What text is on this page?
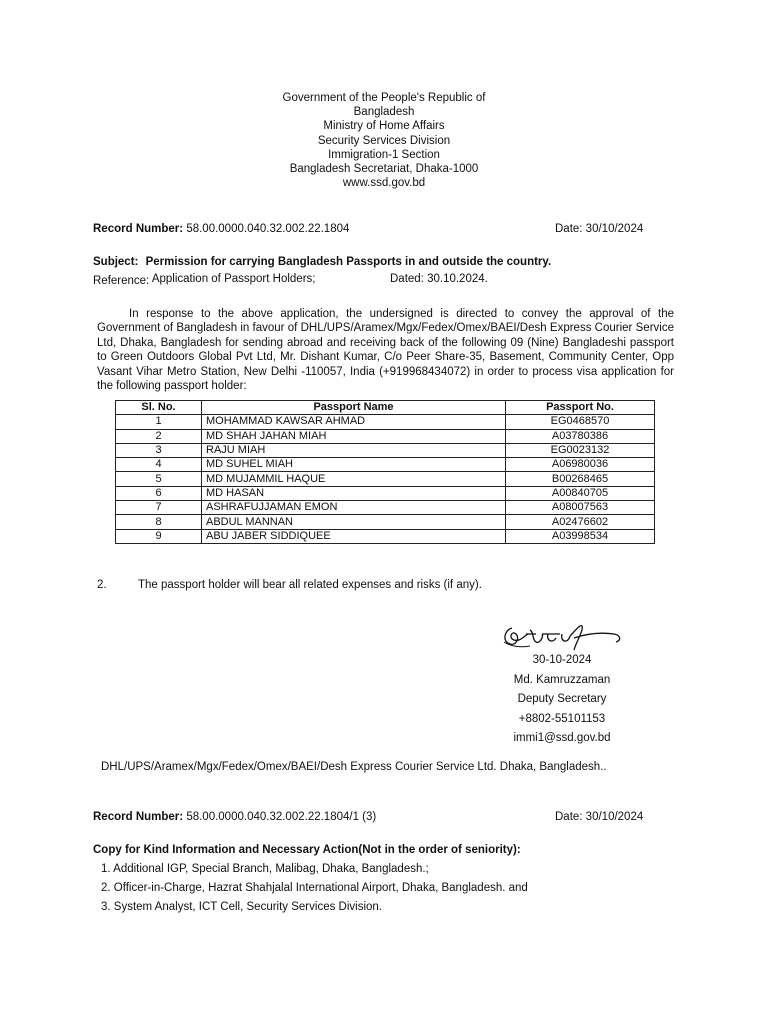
Government of the People's Republic of
Bangladesh
Ministry of Home Affairs
Security Services Division
Immigration-1 Section
Bangladesh Secretariat, Dhaka-1000
www.ssd.gov.bd
Record Number: 58.00.0000.040.32.002.22.1804	Date: 30/10/2024
Subject: Permission for carrying Bangladesh Passports in and outside the country.
Reference: Application of Passport Holders;	Dated: 30.10.2024.
In response to the above application, the undersigned is directed to convey the approval of the Government of Bangladesh in favour of DHL/UPS/Aramex/Mgx/Fedex/Omex/BAEI/Desh Express Courier Service Ltd, Dhaka, Bangladesh for sending abroad and receiving back of the following 09 (Nine) Bangladeshi passport to Green Outdoors Global Pvt Ltd, Mr. Dishant Kumar, C/o Peer Share-35, Basement, Community Center, Opp Vasant Vihar Metro Station, New Delhi -110057, India (+919968434072) in order to process visa application for the following passport holder:
Sl. No.	Passport Name	Passport No.
1	MOHAMMAD KAWSAR AHMAD	EG0468570
2	MD SHAH JAHAN MIAH	A03780386
3	RAJU MIAH	EG0023132
4	MD SUHEL MIAH	A06980036
5	MD MUJAMMIL HAQUE	B00268465
6	MD HASAN	A00840705
7	ASHRAFUJJAMAN EMON	A08007563
8	ABDUL MANNAN	A02476602
9	ABU JABER SIDDIQUEE	A03998534
2.	The passport holder will bear all related expenses and risks (if any).
30-10-2024
Md. Kamruzzaman
Deputy Secretary
+8802-55101153
immi1@ssd.gov.bd
DHL/UPS/Aramex/Mgx/Fedex/Omex/BAEI/Desh Express Courier Service Ltd. Dhaka, Bangladesh..
Record Number: 58.00.0000.040.32.002.22.1804/1 (3)	Date: 30/10/2024
Copy for Kind Information and Necessary Action(Not in the order of seniority):
1. Additional IGP, Special Branch, Malibag, Dhaka, Bangladesh.;
2. Officer-in-Charge, Hazrat Shahjalal International Airport, Dhaka, Bangladesh. and
3. System Analyst, ICT Cell, Security Services Division.
